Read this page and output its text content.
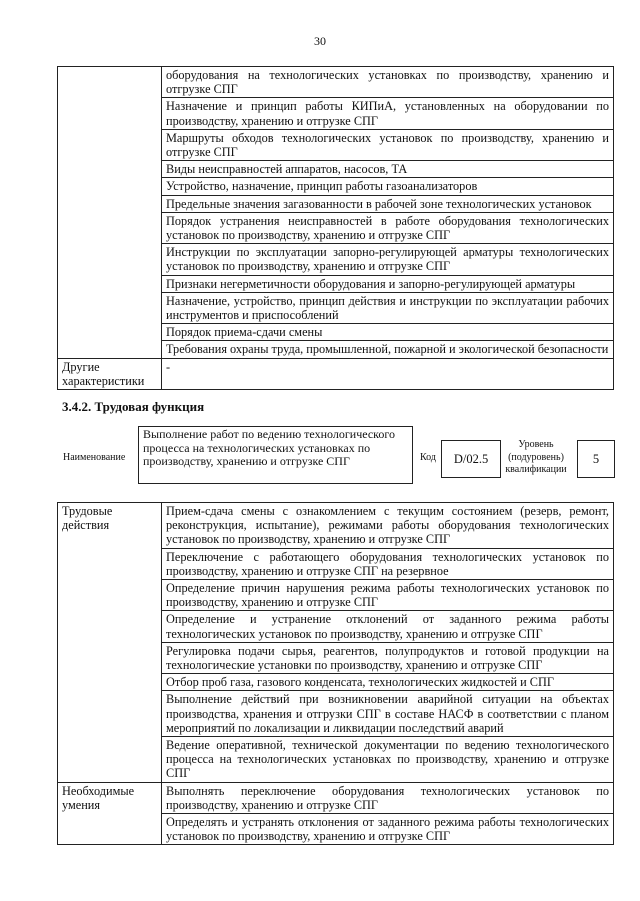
30
	оборудования на технологических установках по производству, хранению и отгрузке СПГ
	Назначение и принцип работы КИПиА, установленных на оборудовании по производству, хранению и отгрузке СПГ
	Маршруты обходов технологических установок по производству, хранению и отгрузке СПГ
	Виды неисправностей аппаратов, насосов, ТА
	Устройство, назначение, принцип работы газоанализаторов
	Предельные значения загазованности в рабочей зоне технологических установок
	Порядок устранения неисправностей в работе оборудования технологических установок по производству, хранению и отгрузке СПГ
	Инструкции по эксплуатации запорно-регулирующей арматуры технологических установок по производству, хранению и отгрузке СПГ
	Признаки негерметичности оборудования и запорно-регулирующей арматуры
	Назначение, устройство, принцип действия и инструкции по эксплуатации рабочих инструментов и приспособлений
	Порядок приема-сдачи смены
	Требования охраны труда, промышленной, пожарной и экологической безопасности
Другие характеристики	-
3.4.2. Трудовая функция
Наименование
Выполнение работ по ведению технологического процесса на технологических установках по производству, хранению и отгрузке СПГ	Код	D/02.5
Уровень (подуровень) квалификации
5
Трудовые действия	Прием-сдача смены с ознакомлением с текущим состоянием (резерв, ремонт, реконструкция, испытание), режимами работы оборудования технологических установок по производству, хранению и отгрузке СПГ
	Переключение с работающего оборудования технологических установок по производству, хранению и отгрузке СПГ на резервное
	Определение причин нарушения режима работы технологических установок по производству, хранению и отгрузке СПГ
	Определение и устранение отклонений от заданного режима работы технологических установок по производству, хранению и отгрузке СПГ
	Регулировка подачи сырья, реагентов, полупродуктов и готовой продукции на технологические установки по производству, хранению и отгрузке СПГ
	Отбор проб газа, газового конденсата, технологических жидкостей и СПГ
	Выполнение действий при возникновении аварийной ситуации на объектах производства, хранения и отгрузки СПГ в составе НАСФ в соответствии с планом мероприятий по локализации и ликвидации последствий аварий
	Ведение оперативной, технической документации по ведению технологического процесса на технологических установках по производству, хранению и отгрузке СПГ
Необходимые умения	Выполнять переключение оборудования технологических установок по производству, хранению и отгрузке СПГ
	Определять и устранять отклонения от заданного режима работы технологических установок по производству, хранению и отгрузке СПГ
